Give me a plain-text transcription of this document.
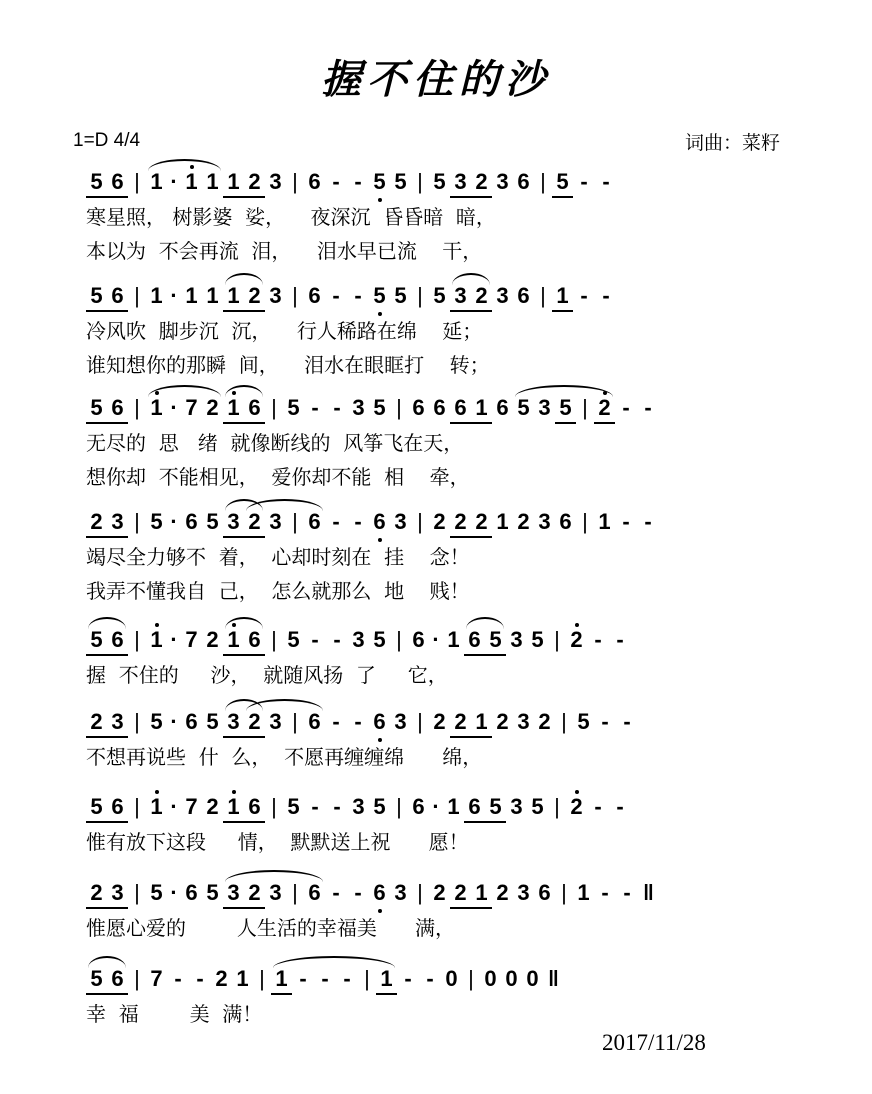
握不住的沙
1=D 4/4	词曲：菜籽
5 6 | 1 · 1 1 1 2 3 | 6 - - 5 5 | 5 3 2 3 6 | 5 - -
寒星照， 树影婆  娑，    夜深沉  昏昏暗  暗，
本以为  不会再流  泪，    泪水早已流    干，
5 6 | 1 · 1 1 1 2 3 | 6 - - 5 5 | 5 3 2 3 6 | 1 - -
冷风吹  脚步沉  沉，    行人稀路在绵    延；
谁知想你的那瞬  间，    泪水在眼眶打    转；
5 6 | 1 · 7 2 1 6 | 5 - - 3 5 | 6 6 6 1 6 5 3 5 | 2 - -
无尽的  思   绪  就像断线的  风筝飞在天，
想你却  不能相见，  爱你却不能  相    牵，
2 3 | 5 · 6 5 3 2 3 | 6 - - 6 3 | 2 2 2 1 2 3 6 | 1 - -
竭尽全力够不  着，  心却时刻在  挂    念！
我弄不懂我自  己，  怎么就那么  地    贱！
5 6 | 1 · 7 2 1 6 | 5 - - 3 5 | 6 · 1 6 5 3 5 | 2 - -
握  不住的     沙，  就随风扬  了     它，
2 3 | 5 · 6 5 3 2 3 | 6 - - 6 3 | 2 2 1 2 3 2 | 5 - -
不想再说些  什  么，  不愿再缠缠绵      绵，
5 6 | 1 · 7 2 1 6 | 5 - - 3 5 | 6 · 1 6 5 3 5 | 2 - -
惟有放下这段     情，  默默送上祝      愿！
2 3 | 5 · 6 5 3 2 3 | 6 - - 6 3 | 2 2 1 2 3 6 | 1 - - ‖
惟愿心爱的        人生活的幸福美      满，
5 6 | 7 - - 2 1 | 1 - - - | 1 - - 0 | 0 0 0 ‖
幸  福        美  满！
2017/11/28
